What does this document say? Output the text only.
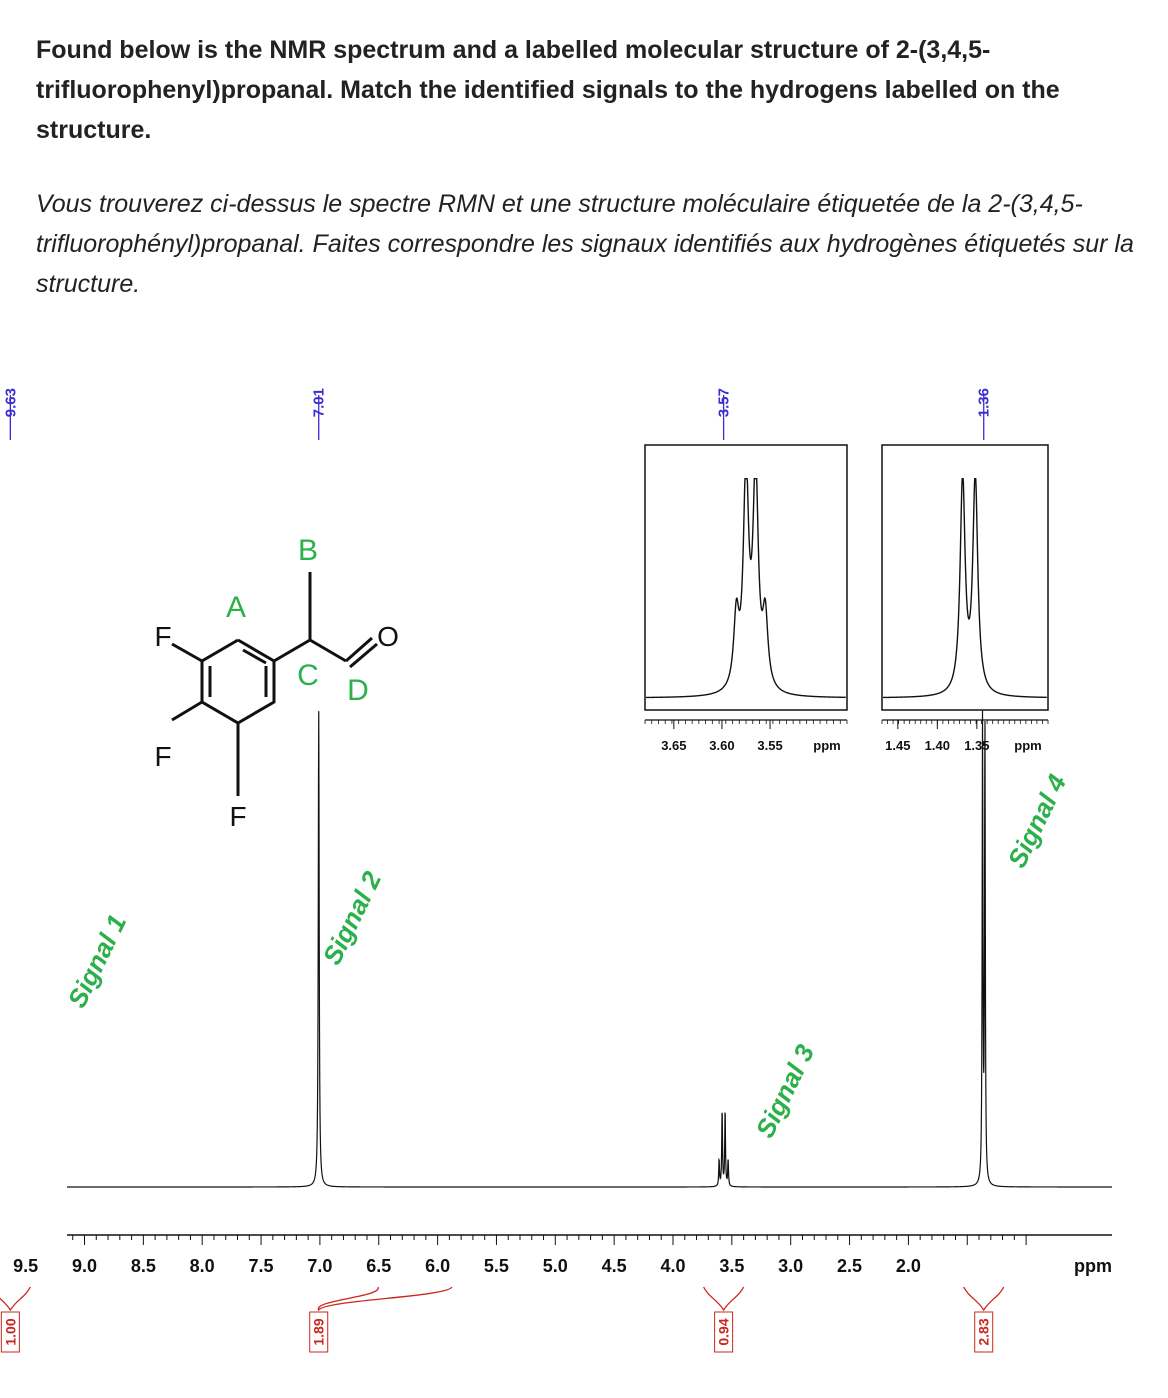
Found below is the NMR spectrum and a labelled molecular structure of 2-(3,4,5-trifluorophenyl)propanal. Match the identified signals to the hydrogens labelled on the structure.
Vous trouverez ci-dessus le spectre RMN et une structure moléculaire étiquetée de la 2-(3,4,5-trifluorophényl)propanal. Faites correspondre les signaux identifiés aux hydrogènes étiquetés sur la structure.
A
B
C D
F
F
F
O
3.65 3.60 3.55 ppm	1.45 1.40 1.35 ppm
9.5 9.0 8.5 8.0 7.5 7.0 6.5 6.0 5.5 5.0 4.5 4.0 3.5 3.0 2.5 2.0	ppm
9.63	7.01	3.57	1.36
1.00	1.89	0.94	2.83
Signal 1	Signal 2
Signal 3
Signal 4
